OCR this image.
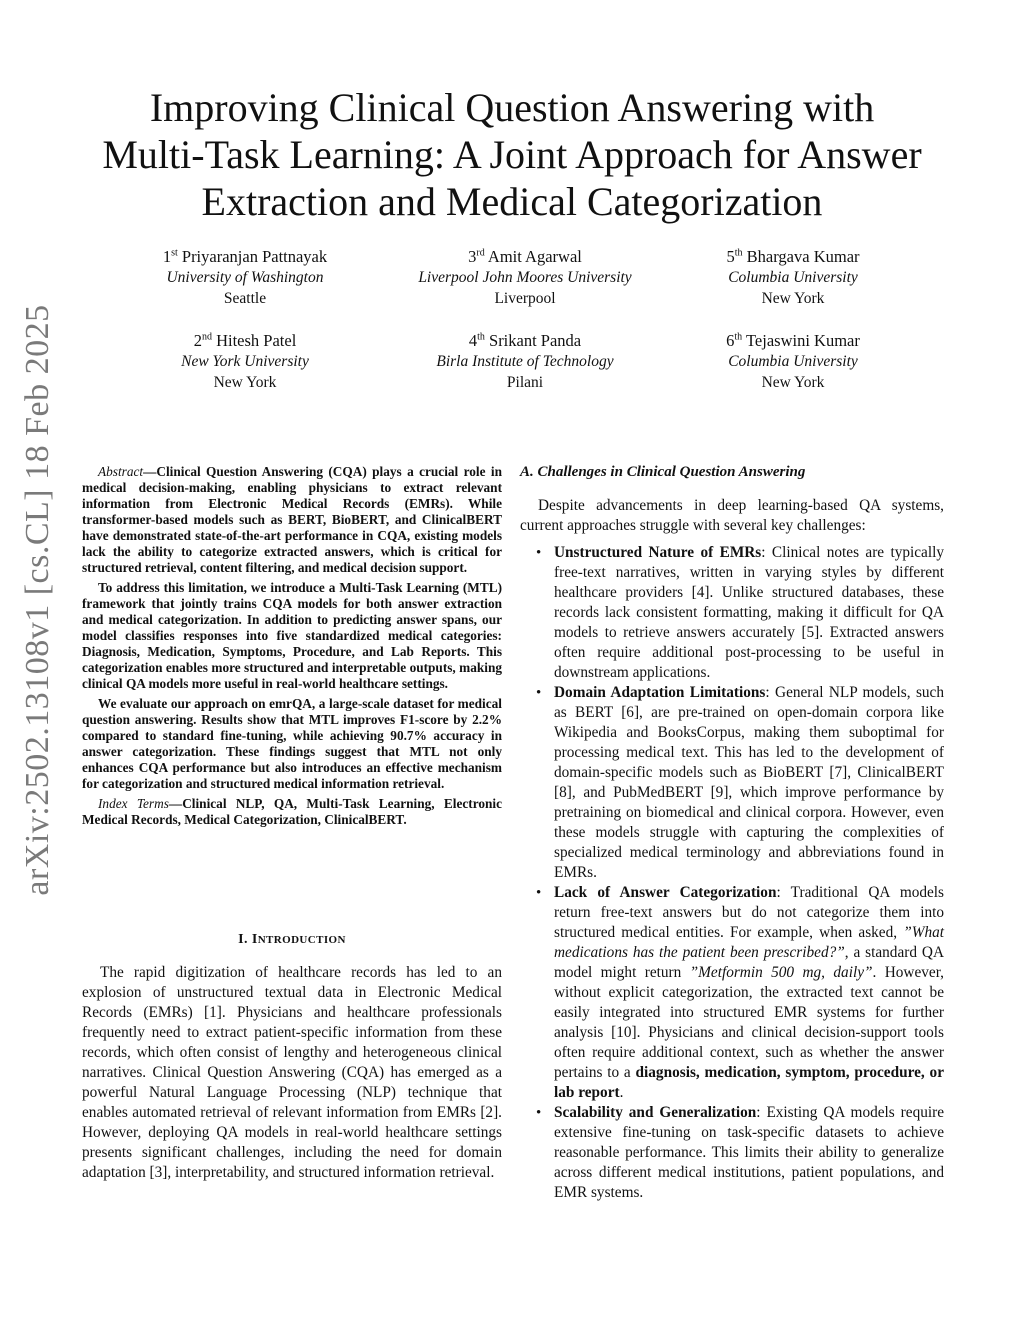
arXiv:2502.13108v1 [cs.CL] 18 Feb 2025
Improving Clinical Question Answering with
Multi-Task Learning: A Joint Approach for Answer
Extraction and Medical Categorization
1st Priyaranjan Pattnayak
University of Washington
Seattle
3rd Amit Agarwal
Liverpool John Moores University
Liverpool
5th Bhargava Kumar
Columbia University
New York
2nd Hitesh Patel
New York University
New York
4th Srikant Panda
Birla Institute of Technology
Pilani
6th Tejaswini Kumar
Columbia University
New York

Abstract—Clinical Question Answering (CQA) plays a crucial role in medical decision-making, enabling physicians to extract relevant information from Electronic Medical Records (EMRs). While transformer-based models such as BERT, BioBERT, and ClinicalBERT have demonstrated state-of-the-art performance in CQA, existing models lack the ability to categorize extracted answers, which is critical for structured retrieval, content filtering, and medical decision support.

To address this limitation, we introduce a Multi-Task Learning (MTL) framework that jointly trains CQA models for both answer extraction and medical categorization. In addition to predicting answer spans, our model classifies responses into five standardized medical categories: Diagnosis, Medication, Symptoms, Procedure, and Lab Reports. This categorization enables more structured and interpretable outputs, making clinical QA models more useful in real-world healthcare settings.

We evaluate our approach on emrQA, a large-scale dataset for medical question answering. Results show that MTL improves F1-score by 2.2% compared to standard fine-tuning, while achieving 90.7% accuracy in answer categorization. These findings suggest that MTL not only enhances CQA performance but also introduces an effective mechanism for categorization and structured medical information retrieval.

Index Terms—Clinical NLP, QA, Multi-Task Learning, Electronic Medical Records, Medical Categorization, ClinicalBERT.

I. INTRODUCTION

The rapid digitization of healthcare records has led to an explosion of unstructured textual data in Electronic Medical Records (EMRs) [1]. Physicians and healthcare professionals frequently need to extract patient-specific information from these records, which often consist of lengthy and heterogeneous clinical narratives. Clinical Question Answering (CQA) has emerged as a powerful Natural Language Processing (NLP) technique that enables automated retrieval of relevant information from EMRs [2]. However, deploying QA models in real-world healthcare settings presents significant challenges, including the need for domain adaptation [3], interpretability, and structured information retrieval.

A. Challenges in Clinical Question Answering

Despite advancements in deep learning-based QA systems, current approaches struggle with several key challenges:

• Unstructured Nature of EMRs: Clinical notes are typically free-text narratives, written in varying styles by different healthcare providers [4]. Unlike structured databases, these records lack consistent formatting, making it difficult for QA models to retrieve answers accurately [5]. Extracted answers often require additional post-processing to be useful in downstream applications.
• Domain Adaptation Limitations: General NLP models, such as BERT [6], are pre-trained on open-domain corpora like Wikipedia and BooksCorpus, making them suboptimal for processing medical text. This has led to the development of domain-specific models such as BioBERT [7], ClinicalBERT [8], and PubMedBERT [9], which improve performance by pretraining on biomedical and clinical corpora. However, even these models struggle with capturing the complexities of specialized medical terminology and abbreviations found in EMRs.
• Lack of Answer Categorization: Traditional QA models return free-text answers but do not categorize them into structured medical entities. For example, when asked, ”What medications has the patient been prescribed?”, a standard QA model might return ”Metformin 500 mg, daily”. However, without explicit categorization, the extracted text cannot be easily integrated into structured EMR systems for further analysis [10]. Physicians and clinical decision-support tools often require additional context, such as whether the answer pertains to a diagnosis, medication, symptom, procedure, or lab report.
• Scalability and Generalization: Existing QA models require extensive fine-tuning on task-specific datasets to achieve reasonable performance. This limits their ability to generalize across different medical institutions, patient populations, and EMR systems.
